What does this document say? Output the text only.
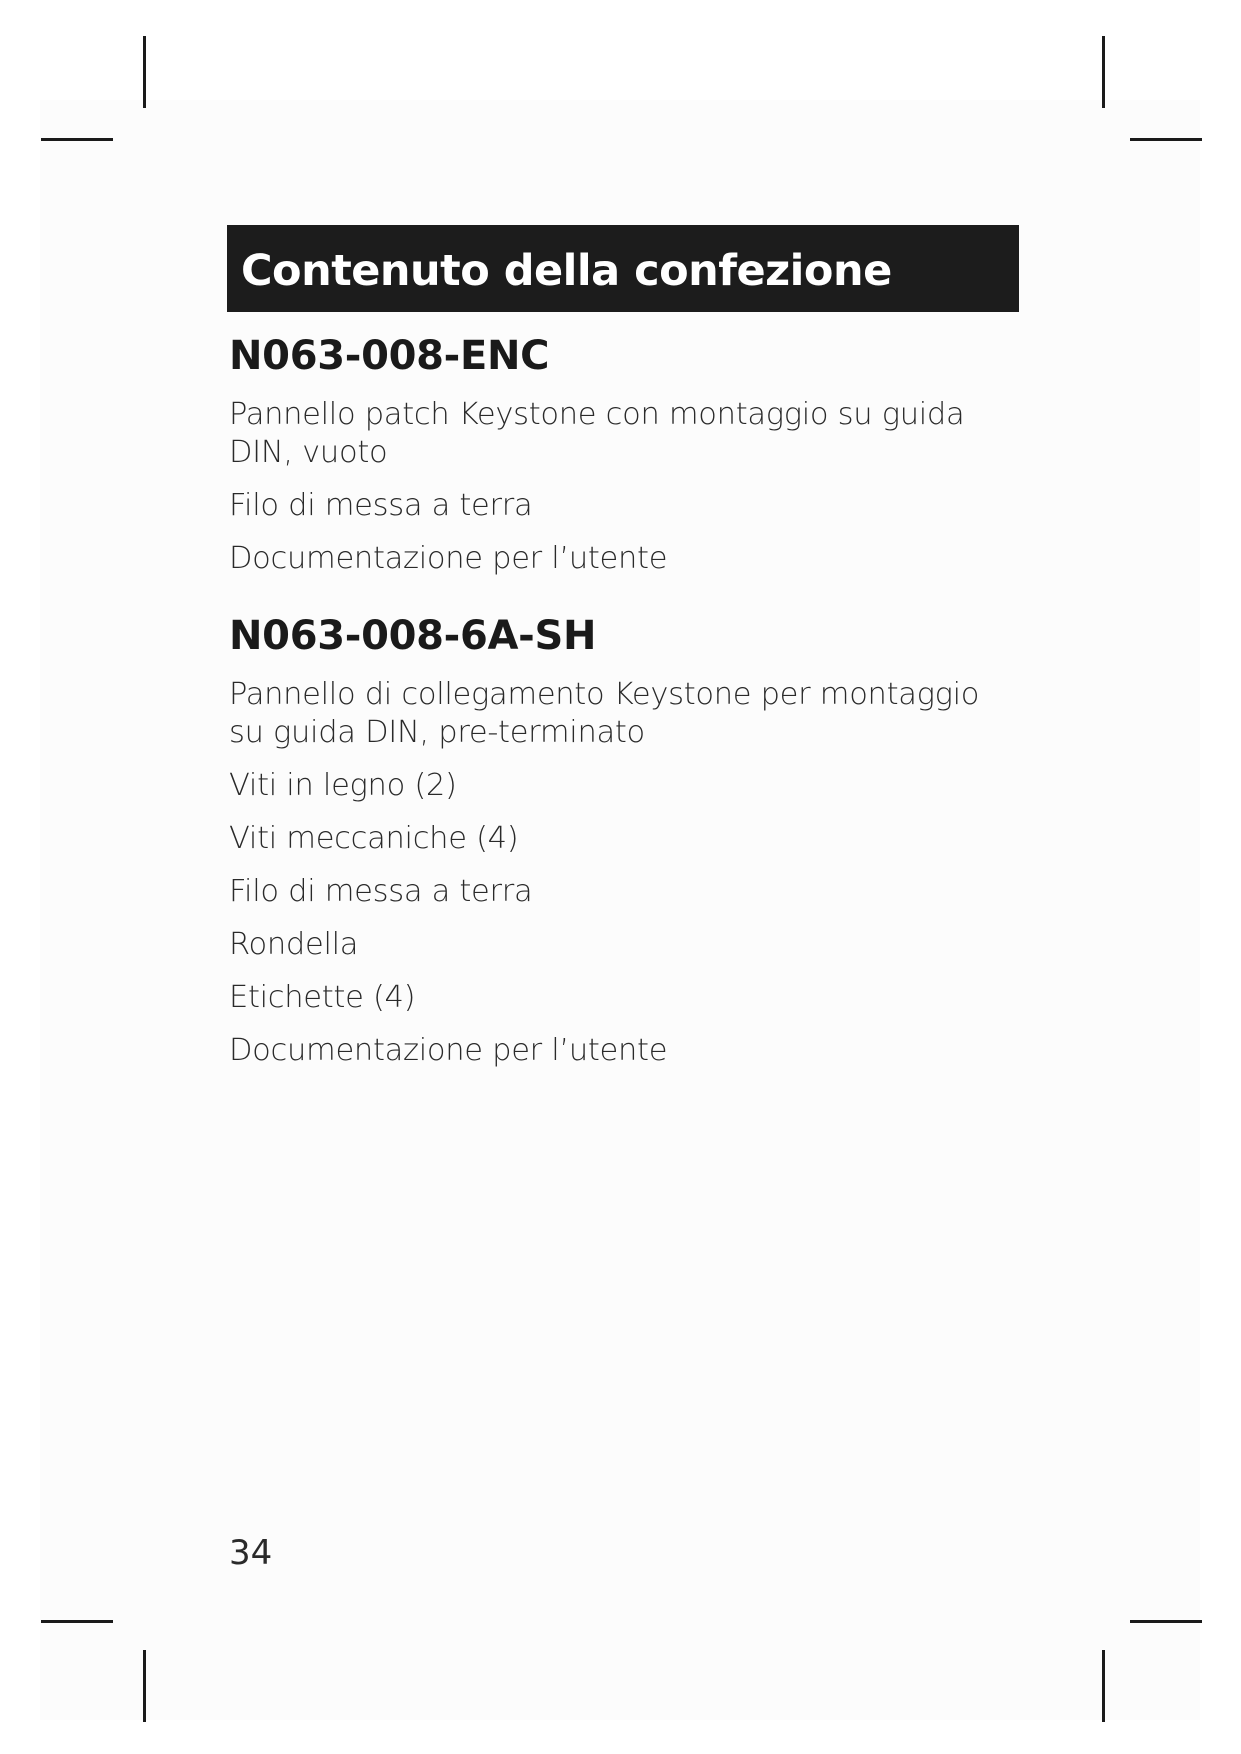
Contenuto della confezione
N063-008-ENC
Pannello patch Keystone con montaggio su guida DIN, vuoto
Filo di messa a terra
Documentazione per l’utente
N063-008-6A-SH
Pannello di collegamento Keystone per montaggio su guida DIN, pre-terminato
Viti in legno (2)
Viti meccaniche (4)
Filo di messa a terra
Rondella
Etichette (4)
Documentazione per l’utente
34
